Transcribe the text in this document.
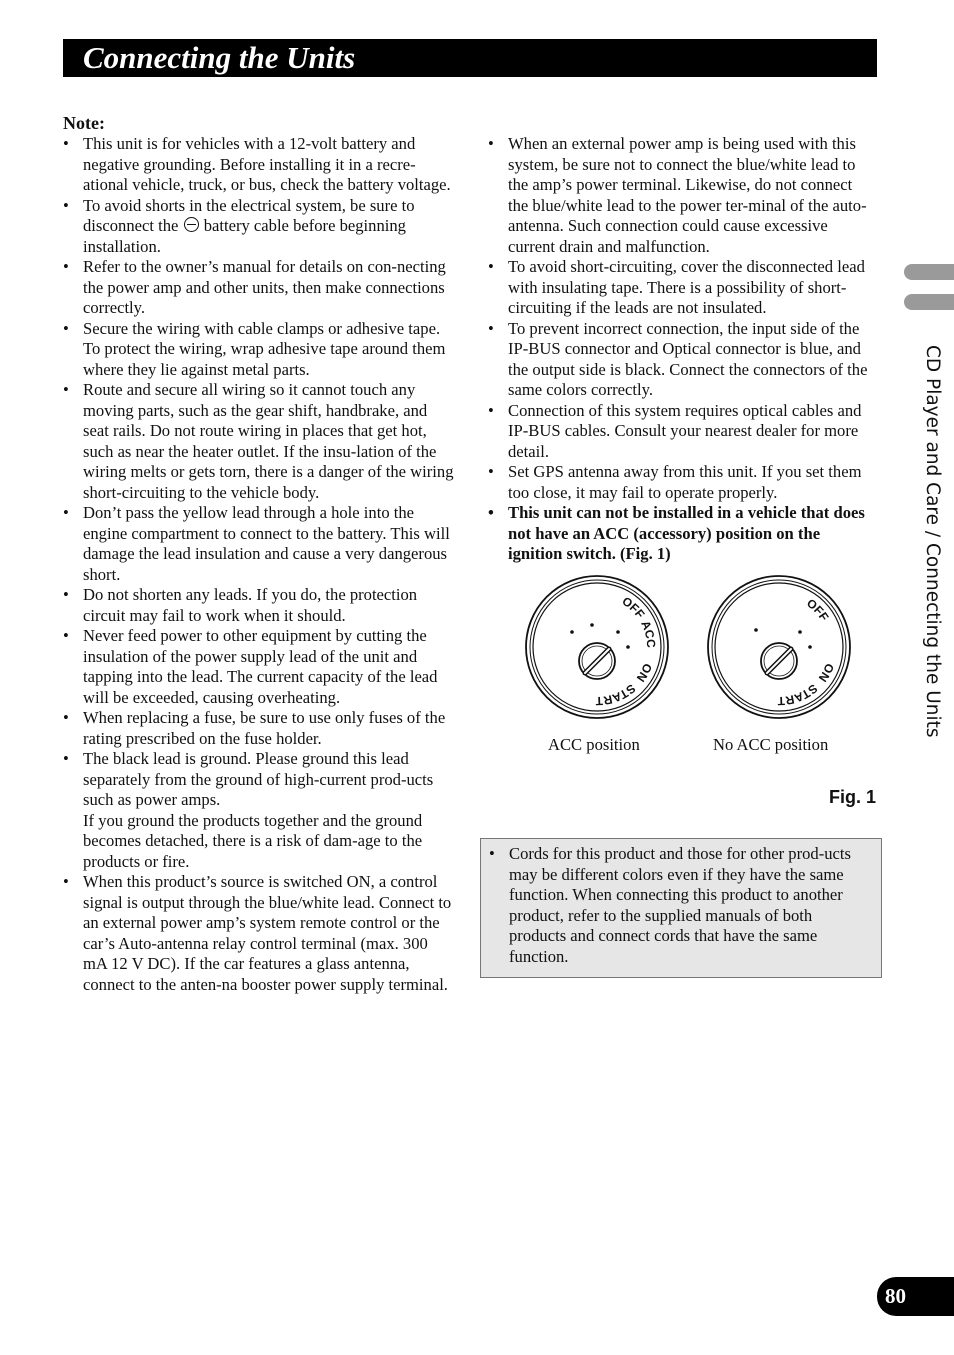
Connecting the Units
Note:
• This unit is for vehicles with a 12-volt battery and negative grounding. Before installing it in a recre-ational vehicle, truck, or bus, check the battery voltage.
• To avoid shorts in the electrical system, be sure to disconnect the battery cable before beginning installation.
• Refer to the owner’s manual for details on con-necting the power amp and other units, then make connections correctly.
• Secure the wiring with cable clamps or adhesive tape. To protect the wiring, wrap adhesive tape around them where they lie against metal parts.
• Route and secure all wiring so it cannot touch any moving parts, such as the gear shift, handbrake, and seat rails. Do not route wiring in places that get hot, such as near the heater outlet. If the insu-lation of the wiring melts or gets torn, there is a danger of the wiring short-circuiting to the vehicle body.
• Don’t pass the yellow lead through a hole into the engine compartment to connect to the battery. This will damage the lead insulation and cause a very dangerous short.
• Do not shorten any leads. If you do, the protection circuit may fail to work when it should.
• Never feed power to other equipment by cutting the insulation of the power supply lead of the unit and tapping into the lead. The current capacity of the lead will be exceeded, causing overheating.
• When replacing a fuse, be sure to use only fuses of the rating prescribed on the fuse holder.
• The black lead is ground. Please ground this lead separately from the ground of high-current prod-ucts such as power amps.
If you ground the products together and the ground becomes detached, there is a risk of dam-age to the products or fire.
• When this product’s source is switched ON, a control signal is output through the blue/white lead. Connect to an external power amp’s system remote control or the car’s Auto-antenna relay control terminal (max. 300 mA 12 V DC). If the car features a glass antenna, connect to the anten-na booster power supply terminal.
• When an external power amp is being used with this system, be sure not to connect the blue/white lead to the amp’s power terminal. Likewise, do not connect the blue/white lead to the power ter-minal of the auto-antenna. Such connection could cause excessive current drain and malfunction.
• To avoid short-circuiting, cover the disconnected lead with insulating tape. There is a possibility of short-circuiting if the leads are not insulated.
• To prevent incorrect connection, the input side of the IP-BUS connector and Optical connector is blue, and the output side is black. Connect the connectors of the same colors correctly.
• Connection of this system requires optical cables and IP-BUS cables. Consult your nearest dealer for more detail.
• Set GPS antenna away from this unit. If you set them too close, it may fail to operate properly.
• This unit can not be installed in a vehicle that does not have an ACC (accessory) position on the ignition switch. (Fig. 1)
OFF
ACC
ON
START
ACC position
OFF
ON
START
No ACC position
Fig. 1
• Cords for this product and those for other prod-ucts may be different colors even if they have the same function. When connecting this product to another product, refer to the supplied manuals of both products and connect cords that have the same function.
CD Player and Care / Connecting the Units
80
